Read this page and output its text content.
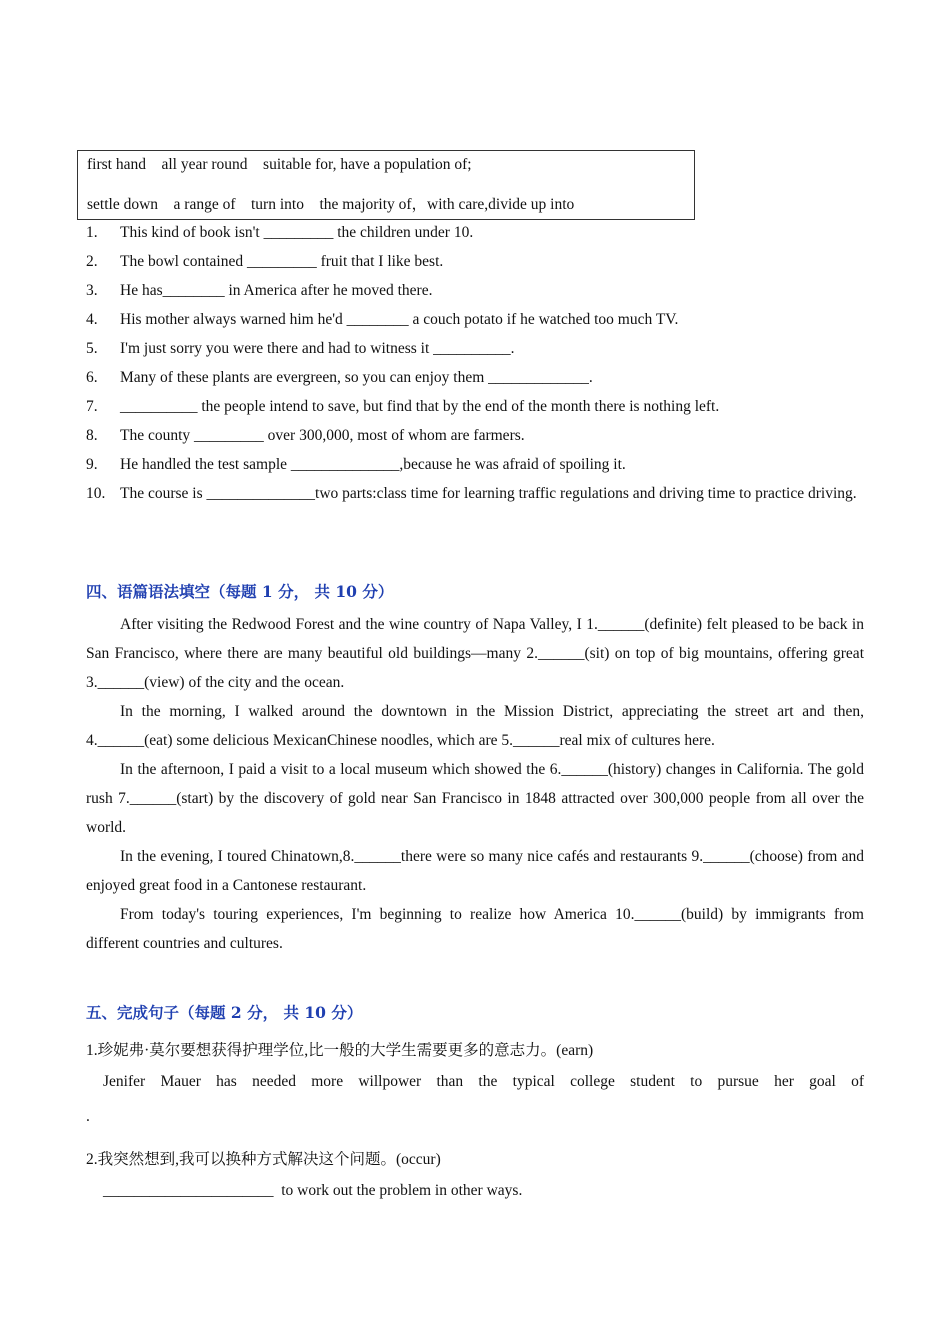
first hand    all year round    suitable for, have a population of;
settle down    a range of    turn into    the majority of，with care,divide up into
1. This kind of book isn't _________ the children under 10.
2. The bowl contained _________ fruit that I like best.
3. He has________ in America after he moved there.
4. His mother always warned him he'd ________ a couch potato if he watched too much TV.
5. I'm just sorry you were there and had to witness it __________.
6. Many of these plants are evergreen, so you can enjoy them _____________.
7. __________ the people intend to save, but find that by the end of the month there is nothing left.
8. The county _________ over 300,000, most of whom are farmers.
9. He handled the test sample ______________,because he was afraid of spoiling it.
10. The course is ______________two parts:class time for learning traffic regulations and driving time to practice driving.
四、语篇语法填空（每题 1 分， 共 10 分）

After visiting the Redwood Forest and the wine country of Napa Valley, I 1.______(definite) felt pleased to be back in San Francisco, where there are many beautiful old buildings—many 2.______(sit) on top of big mountains, offering great 3.______(view) of the city and the ocean.

In the morning, I walked around the downtown in the Mission District, appreciating the street art and then, 4.______(eat) some delicious MexicanChinese noodles, which are 5.______real mix of cultures here.

In the afternoon, I paid a visit to a local museum which showed the 6.______(history) changes in California. The gold rush 7.______(start) by the discovery of gold near San Francisco in 1848 attracted over 300,000 people from all over the world.

In the evening, I toured Chinatown,8.______there were so many nice cafés and restaurants 9.______(choose) from and enjoyed great food in a Cantonese restaurant.

From today's touring experiences, I'm beginning to realize how America 10.______(build) by immigrants from different countries and cultures.

五、完成句子（每题 2 分， 共 10 分）
1.珍妮弗·莫尔要想获得护理学位,比一般的大学生需要更多的意志力。(earn)
Jenifer Mauer has needed more willpower than the typical college student to pursue her goal of
.
2.我突然想到,我可以换种方式解决这个问题。(occur)
______________________  to work out the problem in other ways.
